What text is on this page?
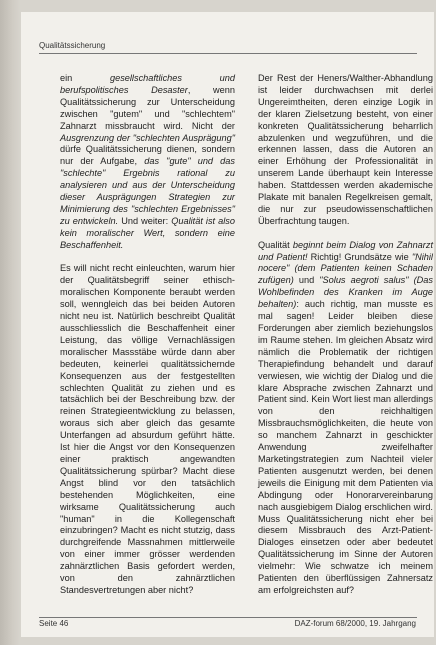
Qualitätssicherung

ein gesellschaftliches und berufspolitisches Desaster, wenn Qualitätssicherung zur Unterscheidung zwischen "gutem" und "schlechtem" Zahnarzt missbraucht wird. Nicht der Ausgrenzung der "schlechten Ausprägung" dürfe Qualitätssicherung dienen, sondern nur der Aufgabe, das "gute" und das "schlechte" Ergebnis rational zu analysieren und aus der Unterscheidung dieser Ausprägungen Strategien zur Minimierung des "schlechten Ergebnisses" zu entwickeln. Und weiter: Qualität ist also kein moralischer Wert, sondern eine Beschaffenheit.

Es will nicht recht einleuchten, warum hier der Qualitätsbegriff seiner ethisch-moralischen Komponente beraubt werden soll, wenngleich das bei beiden Autoren nicht neu ist. Natürlich beschreibt Qualität ausschliesslich die Beschaffenheit einer Leistung, das völlige Vernachlässigen moralischer Massstäbe würde dann aber bedeuten, keinerlei qualitätssichernde Konsequenzen aus der festgestellten schlechten Qualität zu ziehen und es tatsächlich bei der Beschreibung bzw. der reinen Strategieentwicklung zu belassen, woraus sich aber gleich das gesamte Unterfangen ad absurdum geführt hätte. Ist hier die Angst vor den Konsequenzen einer praktisch angewandten Qualitätssicherung spürbar? Macht diese Angst blind vor den tatsächlich bestehenden Möglichkeiten, eine wirksame Qualitätssicherung auch "human" in die Kollegenschaft einzubringen? Macht es nicht stutzig, dass durchgreifende Massnahmen mittlerweile von einer immer grösser werdenden zahnärztlichen Basis gefordert werden, von den zahnärztlichen Standesvertretungen aber nicht?

Der Rest der Heners/Walther-Abhandlung ist leider durchwachsen mit derlei Ungereimtheiten, deren einzige Logik in der klaren Zielsetzung besteht, von einer konkreten Qualitätssicherung beharrlich abzulenken und wegzuführen, und die erkennen lassen, dass die Autoren an einer Erhöhung der Professionalität in unserem Lande überhaupt kein Interesse haben. Stattdessen werden akademische Plakate mit banalen Regelkreisen gemalt, die nur zur pseudowissenschaftlichen Überfrachtung taugen.

Qualität beginnt beim Dialog von Zahnarzt und Patient! Richtig! Grundsätze wie "Nihil nocere" (dem Patienten keinen Schaden zufügen) und "Solus aegroti salus" (Das Wohlbefinden des Kranken im Auge behalten): auch richtig, man musste es mal sagen! Leider bleiben diese Forderungen aber ziemlich beziehungslos im Raume stehen. Im gleichen Absatz wird nämlich die Problematik der richtigen Therapiefindung behandelt und darauf verwiesen, wie wichtig der Dialog und die klare Absprache zwischen Zahnarzt und Patient sind. Kein Wort liest man allerdings von den reichhaltigen Missbrauchsmöglichkeiten, die heute von so manchem Zahnarzt in geschickter Anwendung zweifelhafter Marketingstrategien zum Nachteil vieler Patienten ausgenutzt werden, bei denen jeweils die Einigung mit dem Patienten via Abdingung oder Honorarvereinbarung nach ausgiebigem Dialog erschlichen wird. Muss Qualitätssicherung nicht eher bei diesem Missbrauch des Arzt-Patient-Dialoges einsetzen oder aber bedeutet Qualitätssicherung im Sinne der Autoren vielmehr: Wie schwatze ich meinem Patienten den überflüssigen Zahnersatz am erfolgreichsten auf?

Seite 46	DAZ-forum 68/2000, 19. Jahrgang
